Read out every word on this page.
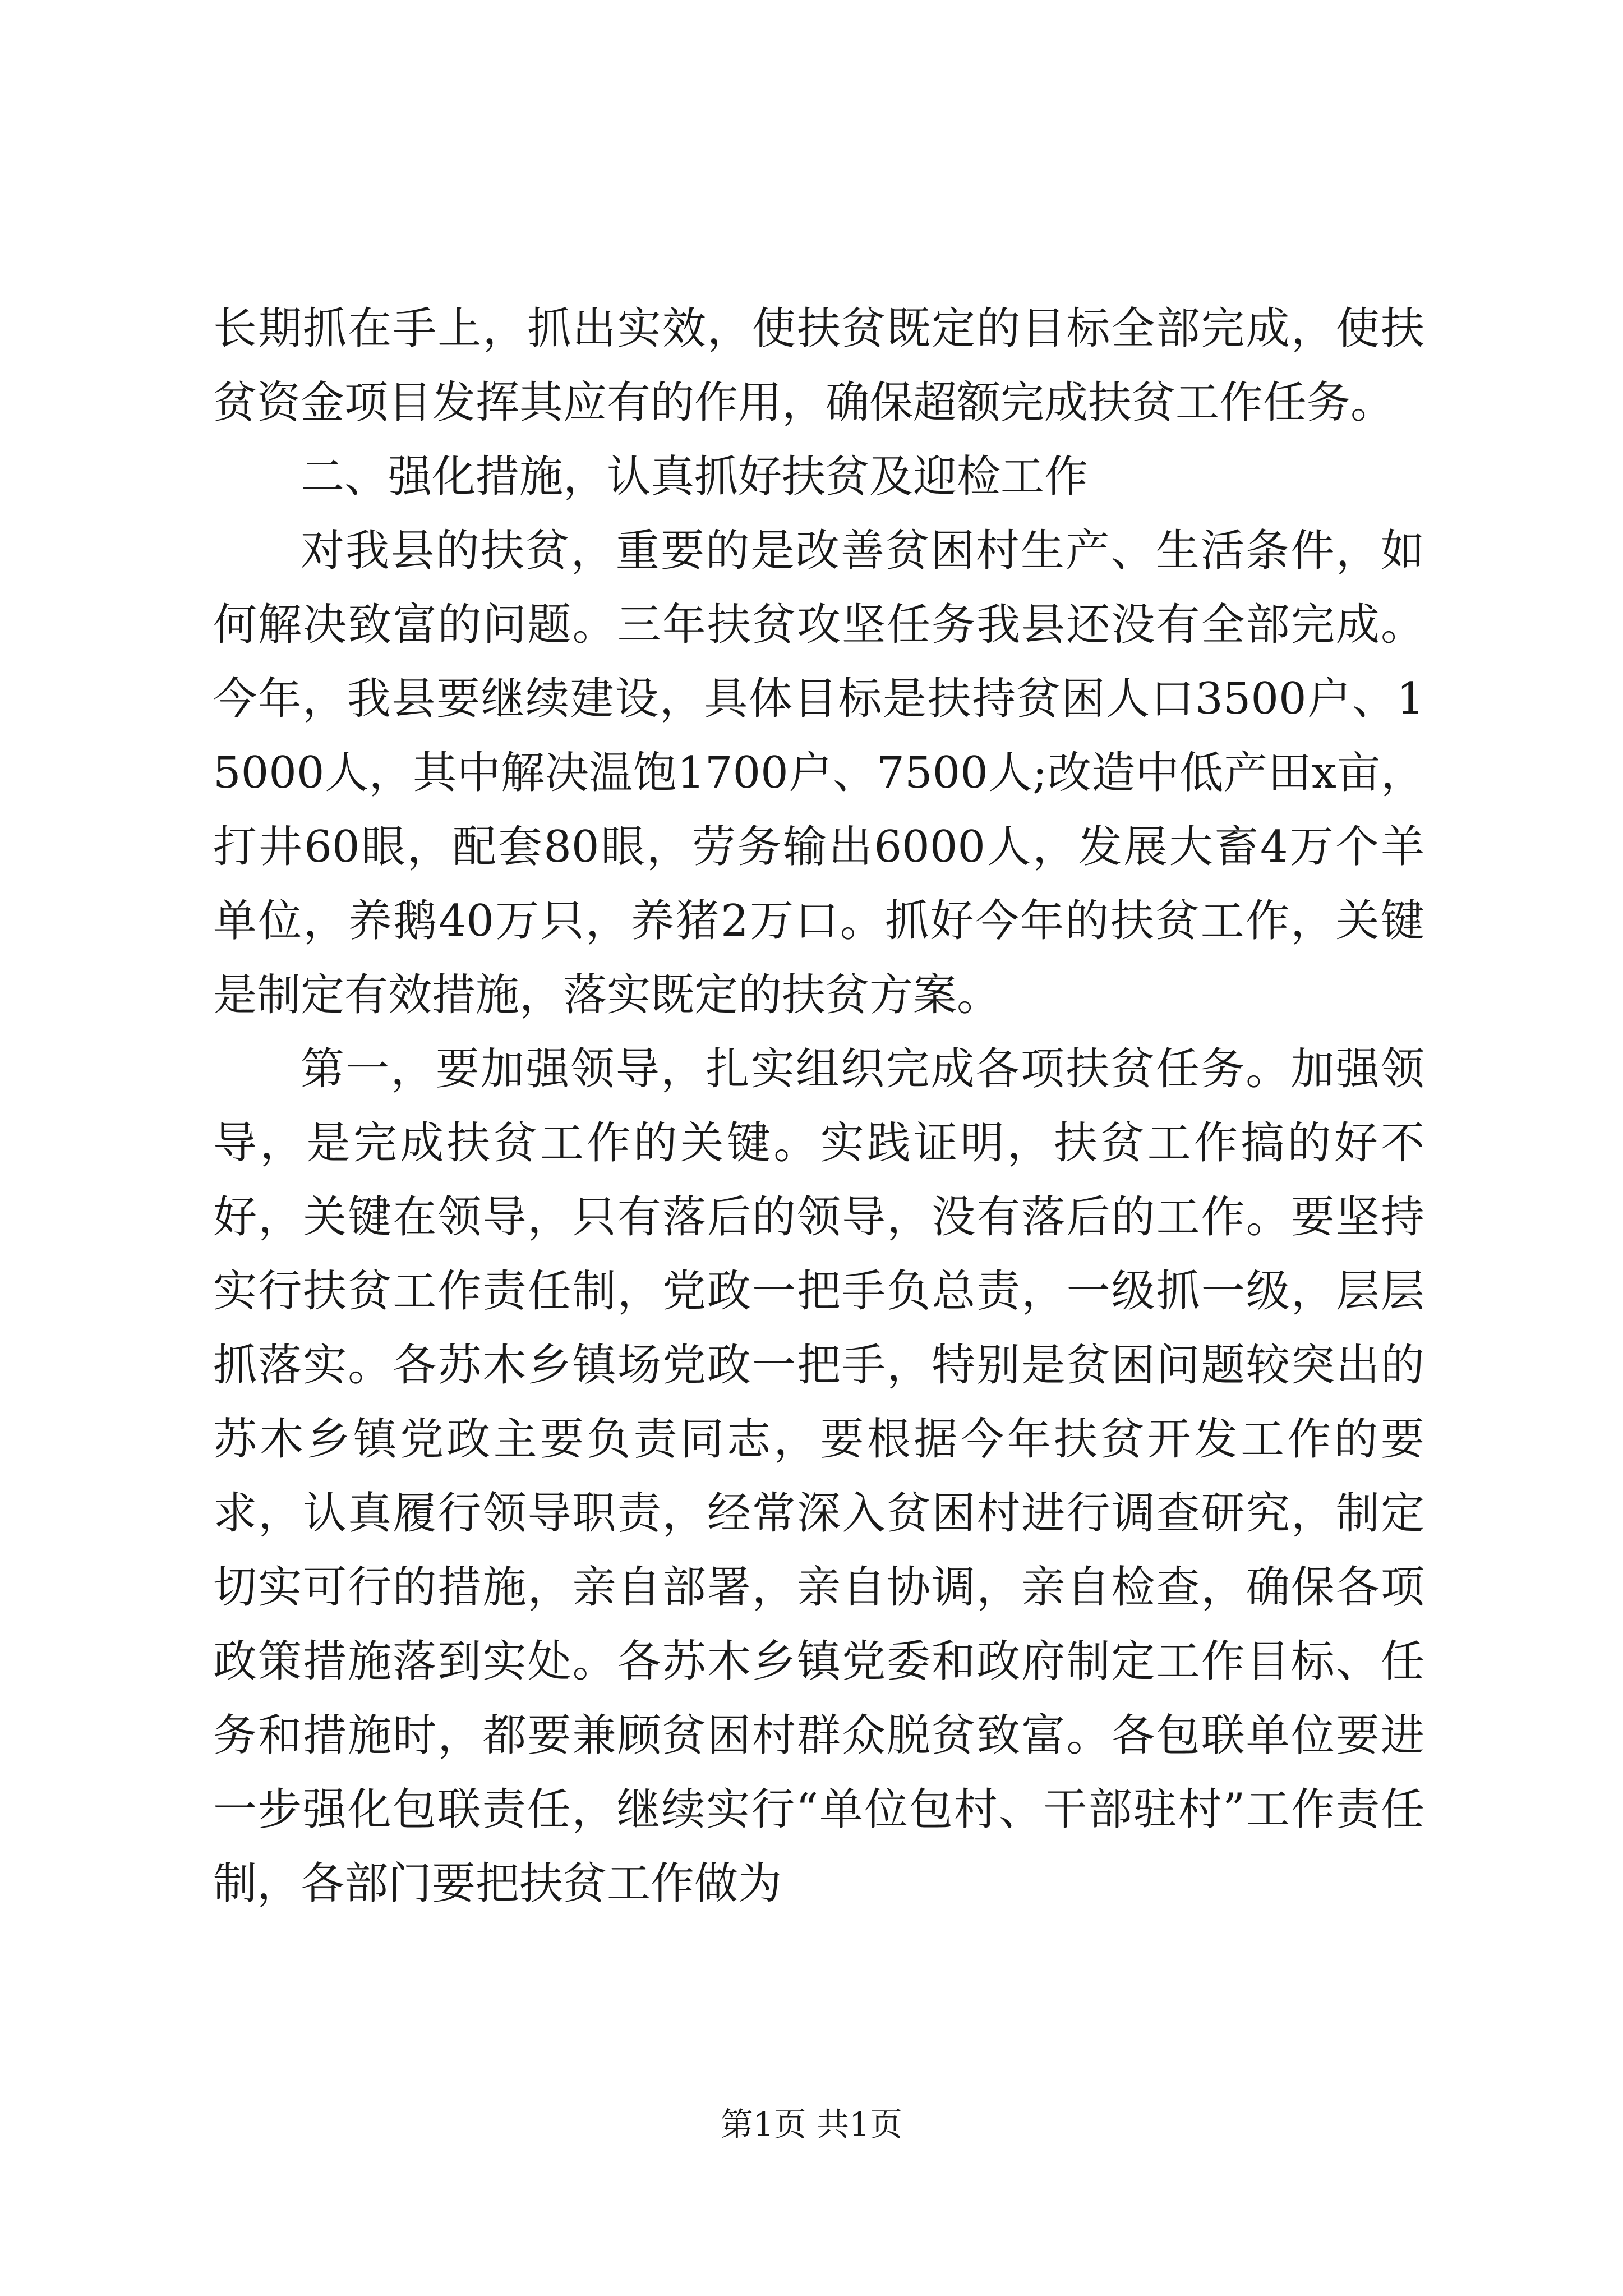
长期抓在手上，抓出实效，使扶贫既定的目标全部完成，使扶贫资金项目发挥其应有的作用，确保超额完成扶贫工作任务。

二、强化措施，认真抓好扶贫及迎检工作

对我县的扶贫，重要的是改善贫困村生产、生活条件，如何解决致富的问题。三年扶贫攻坚任务我县还没有全部完成。今年，我县要继续建设，具体目标是扶持贫困人口3500户、15000人，其中解决温饱1700户、7500人;改造中低产田x亩，打井60眼，配套80眼，劳务输出6000人，发展大畜4万个羊单位，养鹅40万只，养猪2万口。抓好今年的扶贫工作，关键是制定有效措施，落实既定的扶贫方案。

第一，要加强领导，扎实组织完成各项扶贫任务。加强领导，是完成扶贫工作的关键。实践证明，扶贫工作搞的好不好，关键在领导，只有落后的领导，没有落后的工作。要坚持实行扶贫工作责任制，党政一把手负总责，一级抓一级，层层抓落实。各苏木乡镇场党政一把手，特别是贫困问题较突出的苏木乡镇党政主要负责同志，要根据今年扶贫开发工作的要求，认真履行领导职责，经常深入贫困村进行调查研究，制定切实可行的措施，亲自部署，亲自协调，亲自检查，确保各项政策措施落到实处。各苏木乡镇党委和政府制定工作目标、任务和措施时，都要兼顾贫困村群众脱贫致富。各包联单位要进一步强化包联责任，继续实行“单位包村、干部驻村”工作责任制，各部门要把扶贫工作做为

第1页 共1页
